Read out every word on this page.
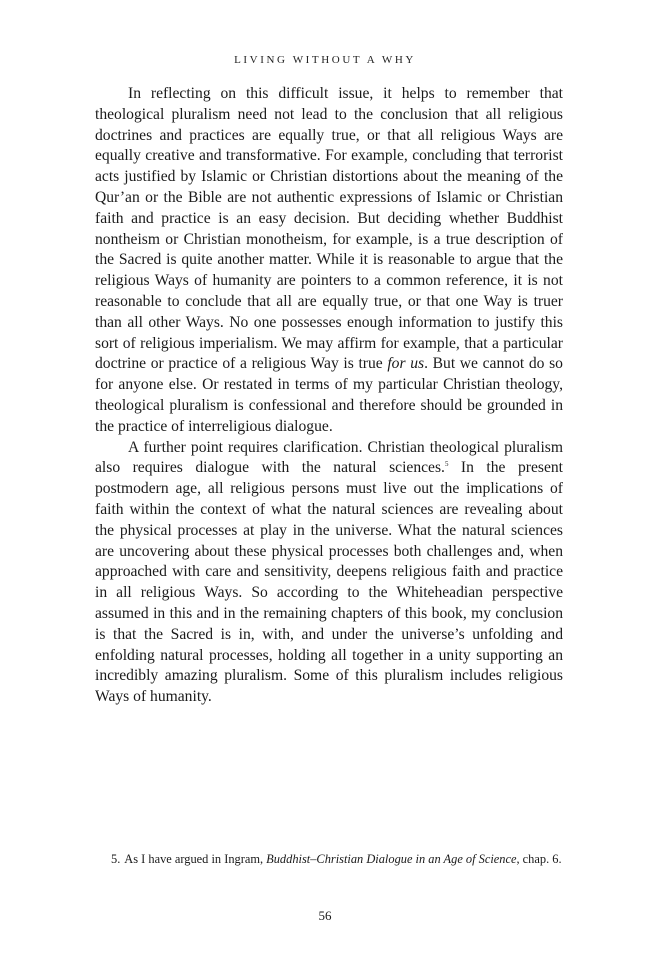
LIVING WITHOUT A WHY

In reflecting on this difficult issue, it helps to remember that theological pluralism need not lead to the conclusion that all religious doctrines and practices are equally true, or that all religious Ways are equally creative and transformative. For example, concluding that terrorist acts justified by Islamic or Christian distortions about the meaning of the Qur’an or the Bible are not authentic expressions of Islamic or Christian faith and practice is an easy decision. But deciding whether Buddhist nontheism or Christian monotheism, for example, is a true description of the Sacred is quite another matter. While it is reasonable to argue that the religious Ways of humanity are pointers to a common reference, it is not reasonable to conclude that all are equally true, or that one Way is truer than all other Ways. No one possesses enough information to justify this sort of religious imperialism. We may affirm for example, that a particular doctrine or practice of a religious Way is true for us. But we cannot do so for anyone else. Or restated in terms of my particular Christian theology, theological pluralism is confessional and therefore should be grounded in the practice of interreligious dialogue.

A further point requires clarification. Christian theological pluralism also requires dialogue with the natural sciences.$^5$ In the present postmodern age, all religious persons must live out the implications of faith within the context of what the natural sciences are revealing about the physical processes at play in the universe. What the natural sciences are uncovering about these physical processes both challenges and, when approached with care and sensitivity, deepens religious faith and practice in all religious Ways. So according to the Whiteheadian perspective assumed in this and in the remaining chapters of this book, my conclusion is that the Sacred is in, with, and under the universe’s unfolding and enfolding natural processes, holding all together in a unity supporting an incredibly amazing pluralism. Some of this pluralism includes religious Ways of humanity.

5. As I have argued in Ingram, Buddhist–Christian Dialogue in an Age of Science, chap. 6.
56
